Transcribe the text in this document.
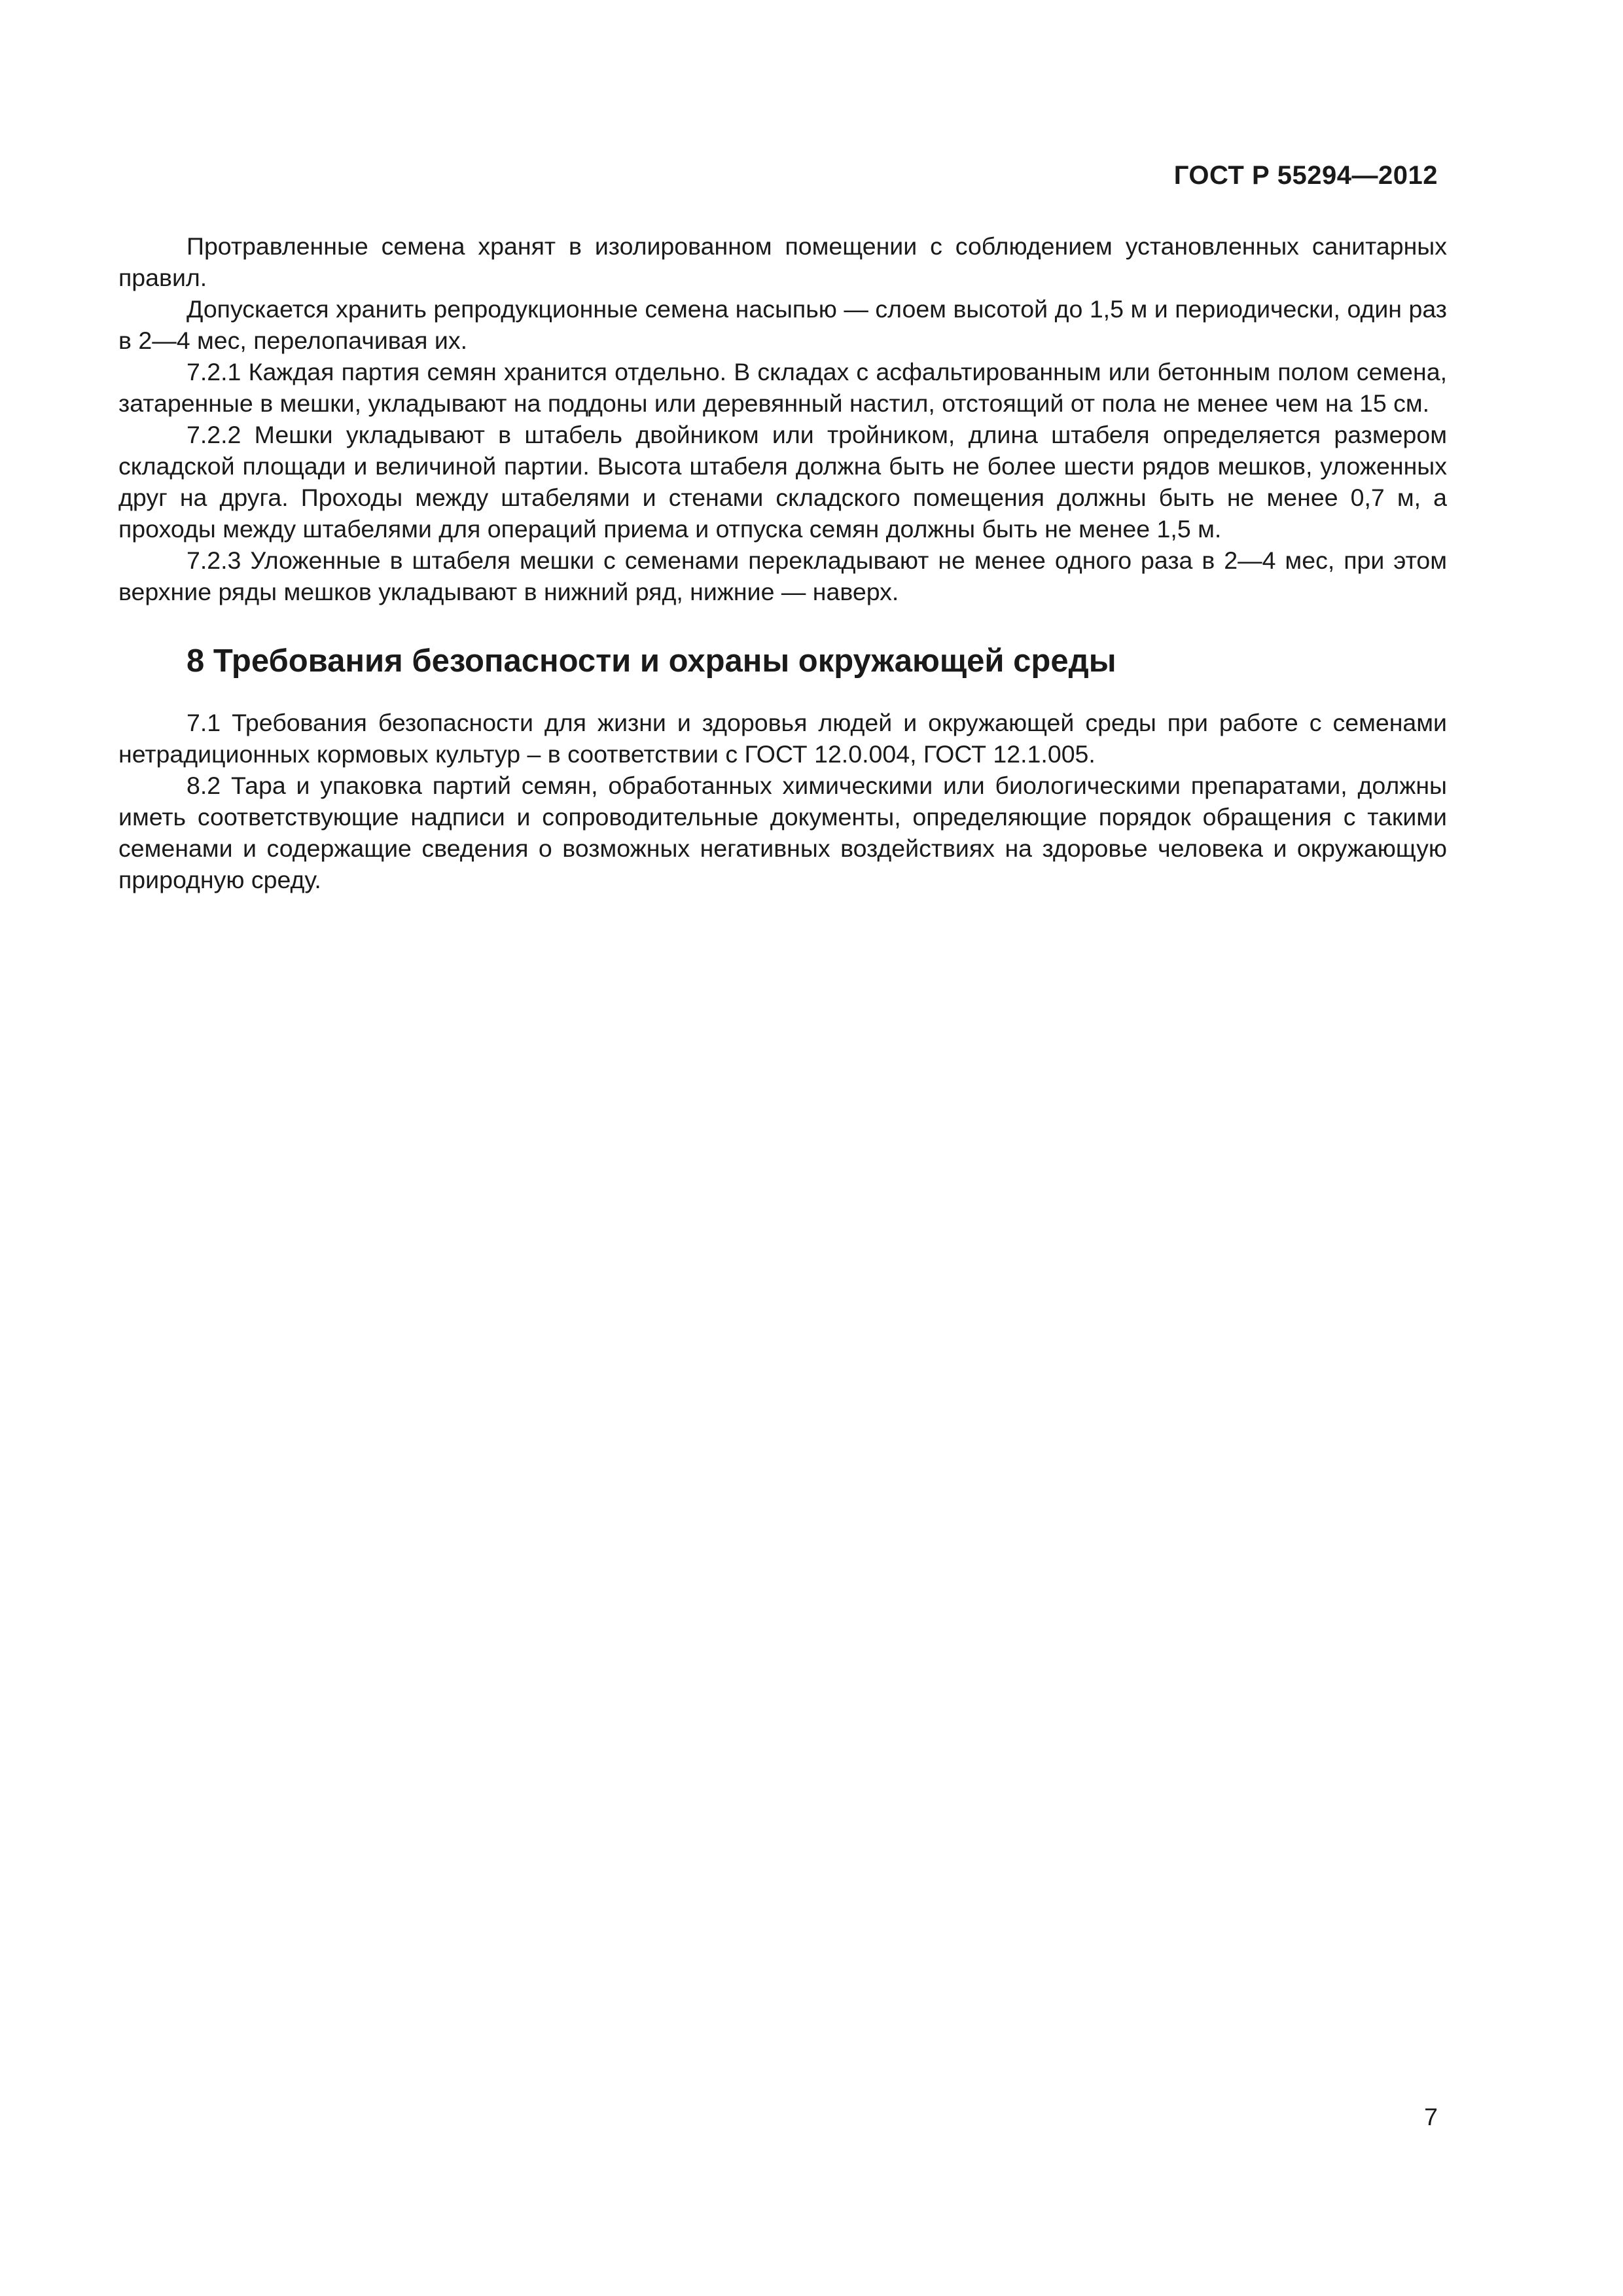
ГОСТ Р 55294—2012

Протравленные семена хранят в изолированном помещении с соблюдением установленных санитарных правил.

Допускается хранить репродукционные семена насыпью — слоем высотой до 1,5 м и периодически, один раз в 2—4 мес, перелопачивая их.

7.2.1 Каждая партия семян хранится отдельно. В складах с асфальтированным или бетонным полом семена, затаренные в мешки, укладывают на поддоны или деревянный настил, отстоящий от пола не менее чем на 15 см.

7.2.2 Мешки укладывают в штабель двойником или тройником, длина штабеля определяется размером складской площади и величиной партии. Высота штабеля должна быть не более шести рядов мешков, уложенных друг на друга. Проходы между штабелями и стенами складского помещения должны быть не менее 0,7 м, а проходы между штабелями для операций приема и отпуска семян должны быть не менее 1,5 м.

7.2.3 Уложенные в штабеля мешки с семенами перекладывают не менее одного раза в 2—4 мес, при этом верхние ряды мешков укладывают в нижний ряд, нижние — наверх.

8 Требования безопасности и охраны окружающей среды

7.1 Требования безопасности для жизни и здоровья людей и окружающей среды при работе с семенами нетрадиционных кормовых культур – в соответствии с ГОСТ 12.0.004, ГОСТ 12.1.005.

8.2 Тара и упаковка партий семян, обработанных химическими или биологическими препаратами, должны иметь соответствующие надписи и сопроводительные документы, определяющие порядок обращения с такими семенами и содержащие сведения о возможных негативных воздействиях на здоровье человека и окружающую природную среду.

7
